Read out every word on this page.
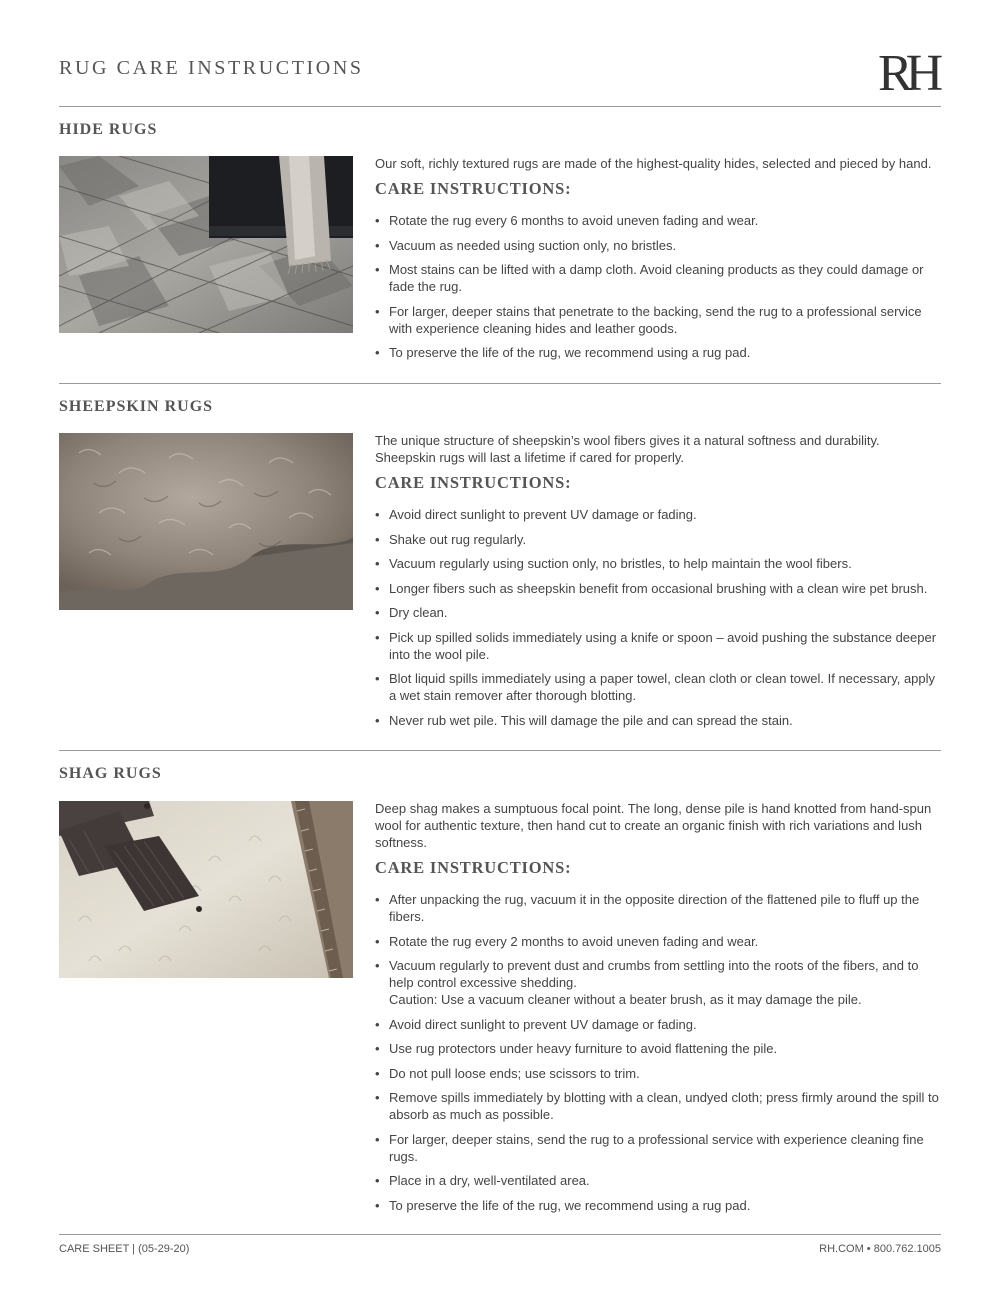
RUG CARE INSTRUCTIONS	RH
HIDE RUGS

Our soft, richly textured rugs are made of the highest-quality hides, selected and pieced by hand.

CARE INSTRUCTIONS:
• Rotate the rug every 6 months to avoid uneven fading and wear.
• Vacuum as needed using suction only, no bristles.
• Most stains can be lifted with a damp cloth. Avoid cleaning products as they could damage or fade the rug.
• For larger, deeper stains that penetrate to the backing, send the rug to a professional service with experience cleaning hides and leather goods.
• To preserve the life of the rug, we recommend using a rug pad.
SHEEPSKIN RUGS

The unique structure of sheepskin’s wool fibers gives it a natural softness and durability. Sheepskin rugs will last a lifetime if cared for properly.

CARE INSTRUCTIONS:
• Avoid direct sunlight to prevent UV damage or fading.
• Shake out rug regularly.
• Vacuum regularly using suction only, no bristles, to help maintain the wool fibers.
• Longer fibers such as sheepskin benefit from occasional brushing with a clean wire pet brush.
• Dry clean.
• Pick up spilled solids immediately using a knife or spoon – avoid pushing the substance deeper into the wool pile.
• Blot liquid spills immediately using a paper towel, clean cloth or clean towel. If necessary, apply a wet stain remover after thorough blotting.
• Never rub wet pile. This will damage the pile and can spread the stain.
SHAG RUGS

Deep shag makes a sumptuous focal point. The long, dense pile is hand knotted from hand-spun wool for authentic texture, then hand cut to create an organic finish with rich variations and lush softness.

CARE INSTRUCTIONS:
• After unpacking the rug, vacuum it in the opposite direction of the flattened pile to fluff up the fibers.
• Rotate the rug every 2 months to avoid uneven fading and wear.
• Vacuum regularly to prevent dust and crumbs from settling into the roots of the fibers, and to help control excessive shedding.
Caution: Use a vacuum cleaner without a beater brush, as it may damage the pile.
• Avoid direct sunlight to prevent UV damage or fading.
• Use rug protectors under heavy furniture to avoid flattening the pile.
• Do not pull loose ends; use scissors to trim.
• Remove spills immediately by blotting with a clean, undyed cloth; press firmly around the spill to absorb as much as possible.
• For larger, deeper stains, send the rug to a professional service with experience cleaning fine rugs.
• Place in a dry, well-ventilated area.
• To preserve the life of the rug, we recommend using a rug pad.
CARE SHEET | (05-29-20)	RH.COM • 800.762.1005
